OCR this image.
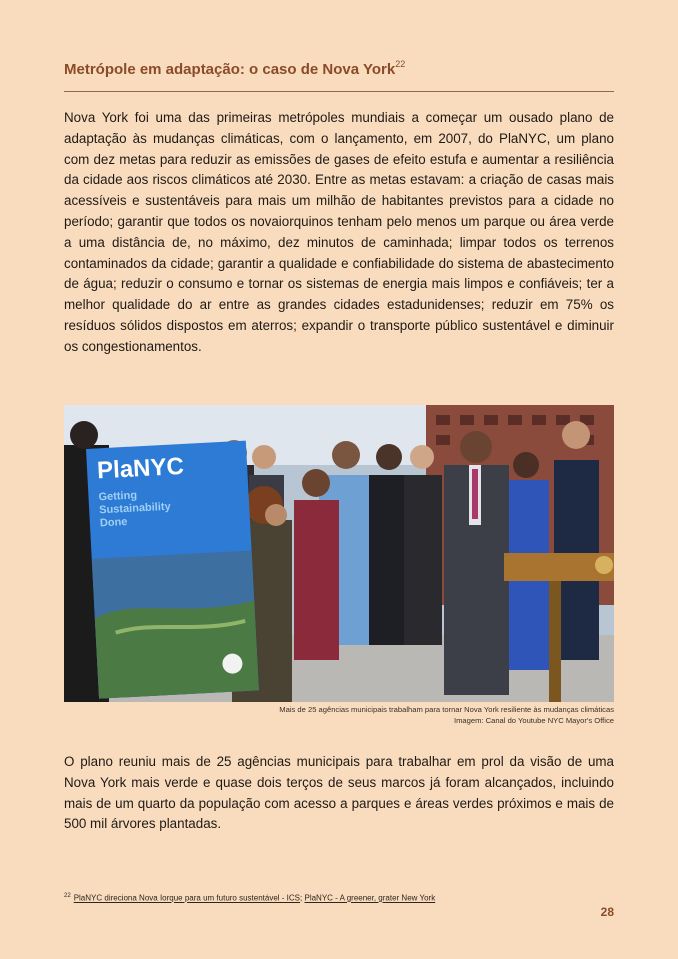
Metrópole em adaptação: o caso de Nova York$^{22}$

Nova York foi uma das primeiras metrópoles mundiais a começar um ousado plano de adaptação às mudanças climáticas, com o lançamento, em 2007, do PlaNYC, um plano com dez metas para reduzir as emissões de gases de efeito estufa e aumentar a resiliência da cidade aos riscos climáticos até 2030. Entre as metas estavam: a criação de casas mais acessíveis e sustentáveis para mais um milhão de habitantes previstos para a cidade no período; garantir que todos os novaiorquinos tenham pelo menos um parque ou área verde a uma distância de, no máximo, dez minutos de caminhada; limpar todos os terrenos contaminados da cidade; garantir a qualidade e confiabilidade do sistema de abastecimento de água; reduzir o consumo e tornar os sistemas de energia mais limpos e confiáveis; ter a melhor qualidade do ar entre as grandes cidades estadunidenses; reduzir em 75% os resíduos sólidos dispostos em aterros; expandir o transporte público sustentável e diminuir os congestionamentos.

PlaNYC
Getting
Sustainability
Done
Mais de 25 agências municipais trabalham para tornar Nova York resiliente às mudanças climáticas
Imagem: Canal do Youtube NYC Mayor's Office

O plano reuniu mais de 25 agências municipais para trabalhar em prol da visão de uma Nova York mais verde e quase dois terços de seus marcos já foram alcançados, incluindo mais de um quarto da população com acesso a parques e áreas verdes próximos e mais de 500 mil árvores plantadas.

$^{22}$ PlaNYC direciona Nova Iorque para um futuro sustentável - ICS; PlaNYC - A greener, grater New York
28
